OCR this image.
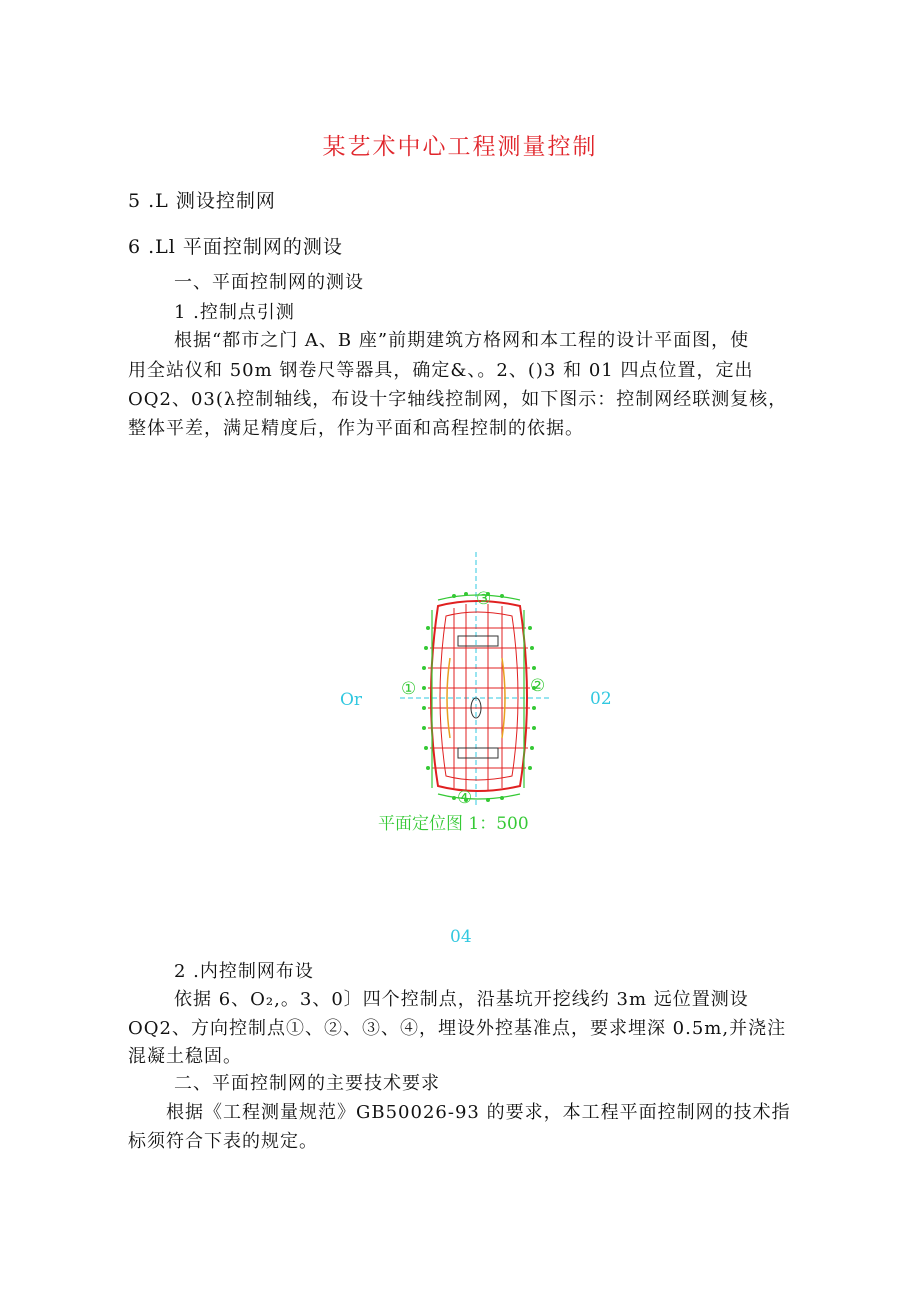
某艺术中心工程测量控制
5 .L 测设控制网
6 .Ll 平面控制网的测设
一、平面控制网的测设
1 .控制点引测
根据“都市之门 A、B 座”前期建筑方格网和本工程的设计平面图，使
用全站仪和 50m 钢卷尺等器具，确定&、。2、()3 和 01 四点位置，定出
OQ2、03(λ控制轴线，布设十字轴线控制网，如下图示：控制网经联测复核，
整体平差，满足精度后，作为平面和高程控制的依据。
③
①	②
④
Or	02
平面定位图 1：500
04
2 .内控制网布设
依据 6、O₂,。3、0〕四个控制点，沿基坑开挖线约 3m 远位置测设
OQ2、方向控制点①、②、③、④，埋设外控基准点，要求埋深 0.5m,并浇注
混凝土稳固。
二、平面控制网的主要技术要求
根据《工程测量规范》GB50026-93 的要求，本工程平面控制网的技术指
标须符合下表的规定。
